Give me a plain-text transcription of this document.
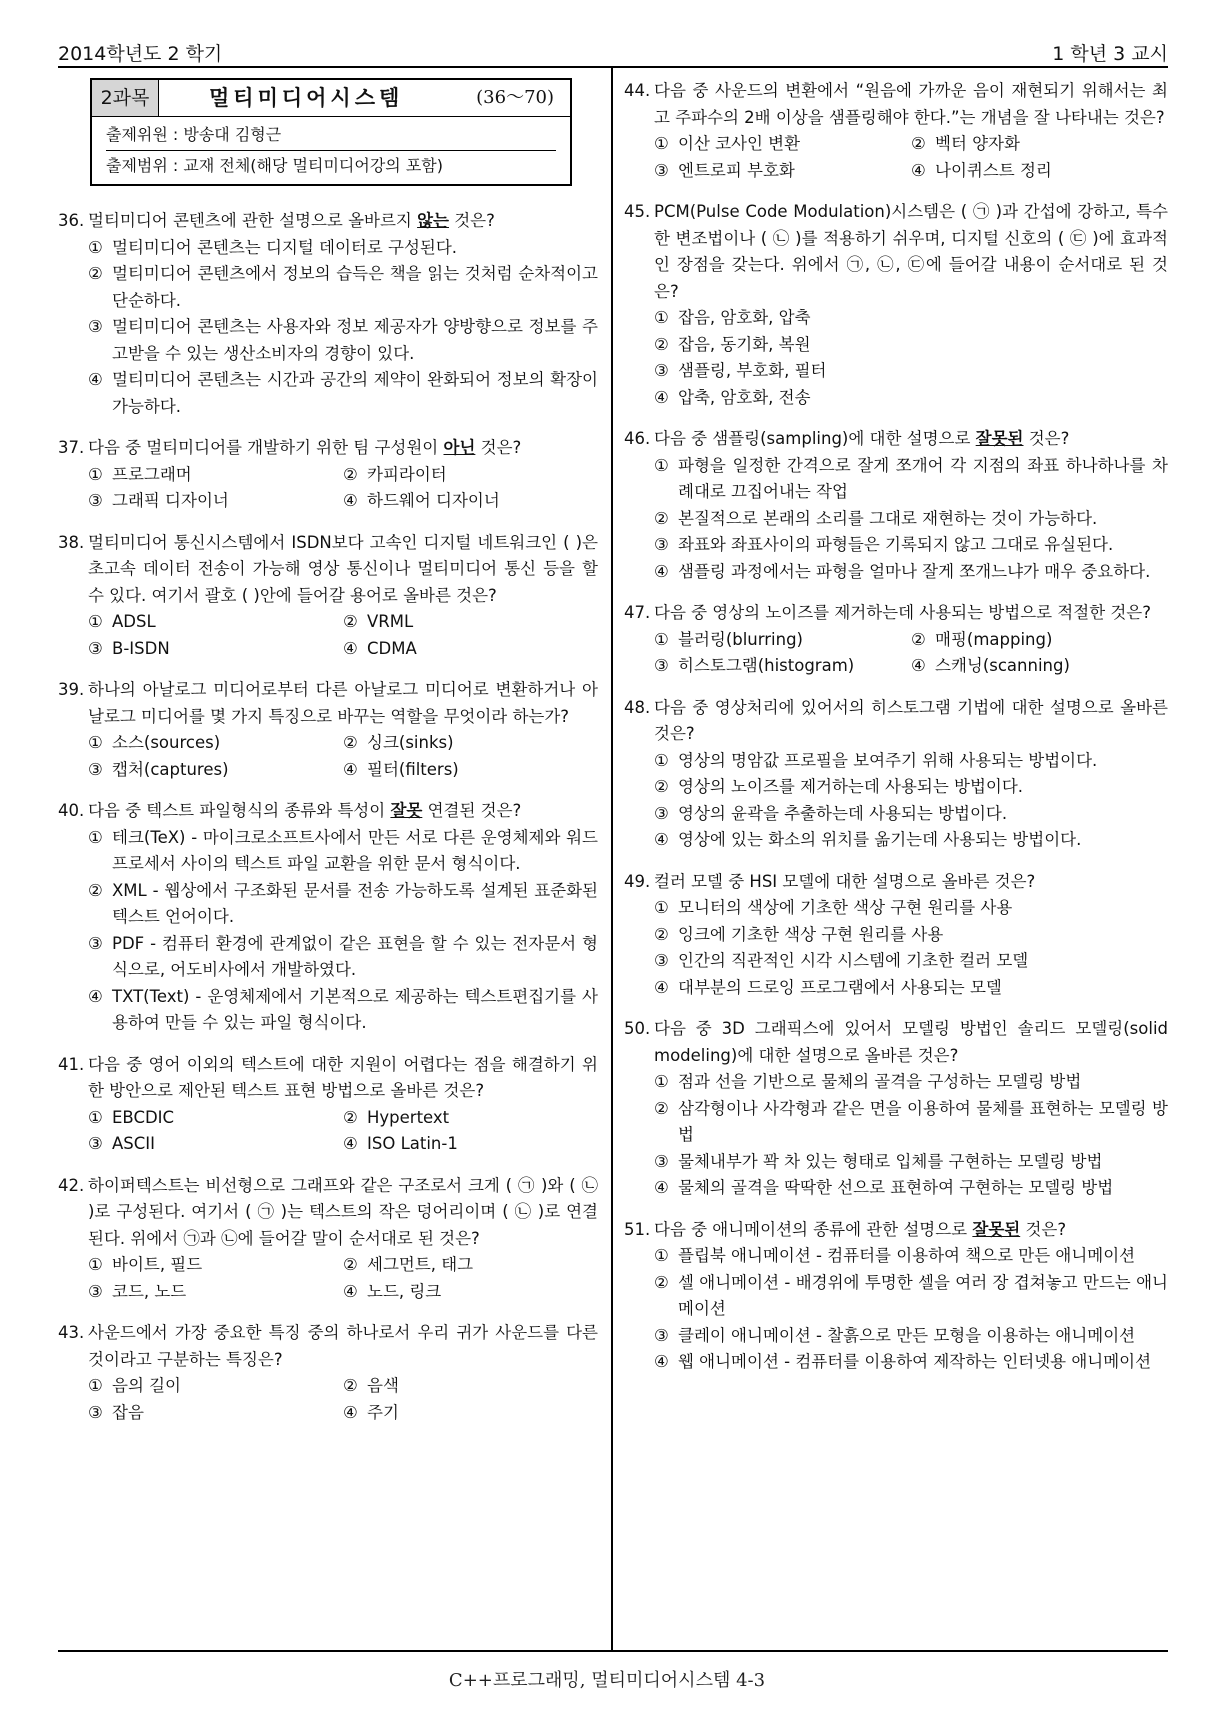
2014학년도 2 학기	1 학년 3 교시
2과목	멀티미디어시스템	(36～70)
출제위원 : 방송대 김형근
출제범위 : 교재 전체(해당 멀티미디어강의 포함)
36. 멀티미디어 콘텐츠에 관한 설명으로 올바르지 않는 것은?
① 멀티미디어 콘텐츠는 디지털 데이터로 구성된다.
② 멀티미디어 콘텐츠에서 정보의 습득은 책을 읽는 것처럼 순차적이고 단순하다.
③ 멀티미디어 콘텐츠는 사용자와 정보 제공자가 양방향으로 정보를 주고받을 수 있는 생산소비자의 경향이 있다.
④ 멀티미디어 콘텐츠는 시간과 공간의 제약이 완화되어 정보의 확장이 가능하다.
37. 다음 중 멀티미디어를 개발하기 위한 팀 구성원이 아닌 것은?
① 프로그래머	② 카피라이터
③ 그래픽 디자이너	④ 하드웨어 디자이너
38. 멀티미디어 통신시스템에서 ISDN보다 고속인 디지털 네트워크인 ( )은 초고속 데이터 전송이 가능해 영상 통신이나 멀티미디어 통신 등을 할 수 있다. 여기서 괄호 ( )안에 들어갈 용어로 올바른 것은?
① ADSL	② VRML
③ B-ISDN	④ CDMA
39. 하나의 아날로그 미디어로부터 다른 아날로그 미디어로 변환하거나 아날로그 미디어를 몇 가지 특징으로 바꾸는 역할을 무엇이라 하는가?
① 소스(sources)	② 싱크(sinks)
③ 캡처(captures)	④ 필터(filters)
40. 다음 중 텍스트 파일형식의 종류와 특성이 잘못 연결된 것은?
① 테크(TeX) - 마이크로소프트사에서 만든 서로 다른 운영체제와 워드 프로세서 사이의 텍스트 파일 교환을 위한 문서 형식이다.
② XML - 웹상에서 구조화된 문서를 전송 가능하도록 설계된 표준화된 텍스트 언어이다.
③ PDF - 컴퓨터 환경에 관계없이 같은 표현을 할 수 있는 전자문서 형식으로, 어도비사에서 개발하였다.
④ TXT(Text) - 운영체제에서 기본적으로 제공하는 텍스트편집기를 사용하여 만들 수 있는 파일 형식이다.
41. 다음 중 영어 이외의 텍스트에 대한 지원이 어렵다는 점을 해결하기 위한 방안으로 제안된 텍스트 표현 방법으로 올바른 것은?
① EBCDIC	② Hypertext
③ ASCII	④ ISO Latin-1
42. 하이퍼텍스트는 비선형으로 그래프와 같은 구조로서 크게 ( ㉠ )와 ( ㉡ )로 구성된다. 여기서 ( ㉠ )는 텍스트의 작은 덩어리이며 ( ㉡ )로 연결된다. 위에서 ㉠과 ㉡에 들어갈 말이 순서대로 된 것은?
① 바이트, 필드	② 세그먼트, 태그
③ 코드, 노드	④ 노드, 링크
43. 사운드에서 가장 중요한 특징 중의 하나로서 우리 귀가 사운드를 다른 것이라고 구분하는 특징은?
① 음의 길이	② 음색
③ 잡음	④ 주기
44. 다음 중 사운드의 변환에서 “원음에 가까운 음이 재현되기 위해서는 최고 주파수의 2배 이상을 샘플링해야 한다.”는 개념을 잘 나타내는 것은?
① 이산 코사인 변환	② 벡터 양자화
③ 엔트로피 부호화	④ 나이퀴스트 정리
45. PCM(Pulse Code Modulation)시스템은 ( ㉠ )과 간섭에 강하고, 특수한 변조법이나 ( ㉡ )를 적용하기 쉬우며, 디지털 신호의 ( ㉢ )에 효과적인 장점을 갖는다. 위에서 ㉠, ㉡, ㉢에 들어갈 내용이 순서대로 된 것은?
① 잡음, 암호화, 압축
② 잡음, 동기화, 복원
③ 샘플링, 부호화, 필터
④ 압축, 암호화, 전송
46. 다음 중 샘플링(sampling)에 대한 설명으로 잘못된 것은?
① 파형을 일정한 간격으로 잘게 쪼개어 각 지점의 좌표 하나하나를 차례대로 끄집어내는 작업
② 본질적으로 본래의 소리를 그대로 재현하는 것이 가능하다.
③ 좌표와 좌표사이의 파형들은 기록되지 않고 그대로 유실된다.
④ 샘플링 과정에서는 파형을 얼마나 잘게 쪼개느냐가 매우 중요하다.
47. 다음 중 영상의 노이즈를 제거하는데 사용되는 방법으로 적절한 것은?
① 블러링(blurring)	② 매핑(mapping)
③ 히스토그램(histogram)	④ 스캐닝(scanning)
48. 다음 중 영상처리에 있어서의 히스토그램 기법에 대한 설명으로 올바른 것은?
① 영상의 명암값 프로필을 보여주기 위해 사용되는 방법이다.
② 영상의 노이즈를 제거하는데 사용되는 방법이다.
③ 영상의 윤곽을 추출하는데 사용되는 방법이다.
④ 영상에 있는 화소의 위치를 옮기는데 사용되는 방법이다.
49. 컬러 모델 중 HSI 모델에 대한 설명으로 올바른 것은?
① 모니터의 색상에 기초한 색상 구현 원리를 사용
② 잉크에 기초한 색상 구현 원리를 사용
③ 인간의 직관적인 시각 시스템에 기초한 컬러 모델
④ 대부분의 드로잉 프로그램에서 사용되는 모델
50. 다음 중 3D 그래픽스에 있어서 모델링 방법인 솔리드 모델링(solid modeling)에 대한 설명으로 올바른 것은?
① 점과 선을 기반으로 물체의 골격을 구성하는 모델링 방법
② 삼각형이나 사각형과 같은 면을 이용하여 물체를 표현하는 모델링 방법
③ 물체내부가 꽉 차 있는 형태로 입체를 구현하는 모델링 방법
④ 물체의 골격을 딱딱한 선으로 표현하여 구현하는 모델링 방법
51. 다음 중 애니메이션의 종류에 관한 설명으로 잘못된 것은?
① 플립북 애니메이션 - 컴퓨터를 이용하여 책으로 만든 애니메이션
② 셀 애니메이션 - 배경위에 투명한 셀을 여러 장 겹쳐놓고 만드는 애니메이션
③ 클레이 애니메이션 - 찰흙으로 만든 모형을 이용하는 애니메이션
④ 웹 애니메이션 - 컴퓨터를 이용하여 제작하는 인터넷용 애니메이션
C++프로그래밍, 멀티미디어시스템 4-3
